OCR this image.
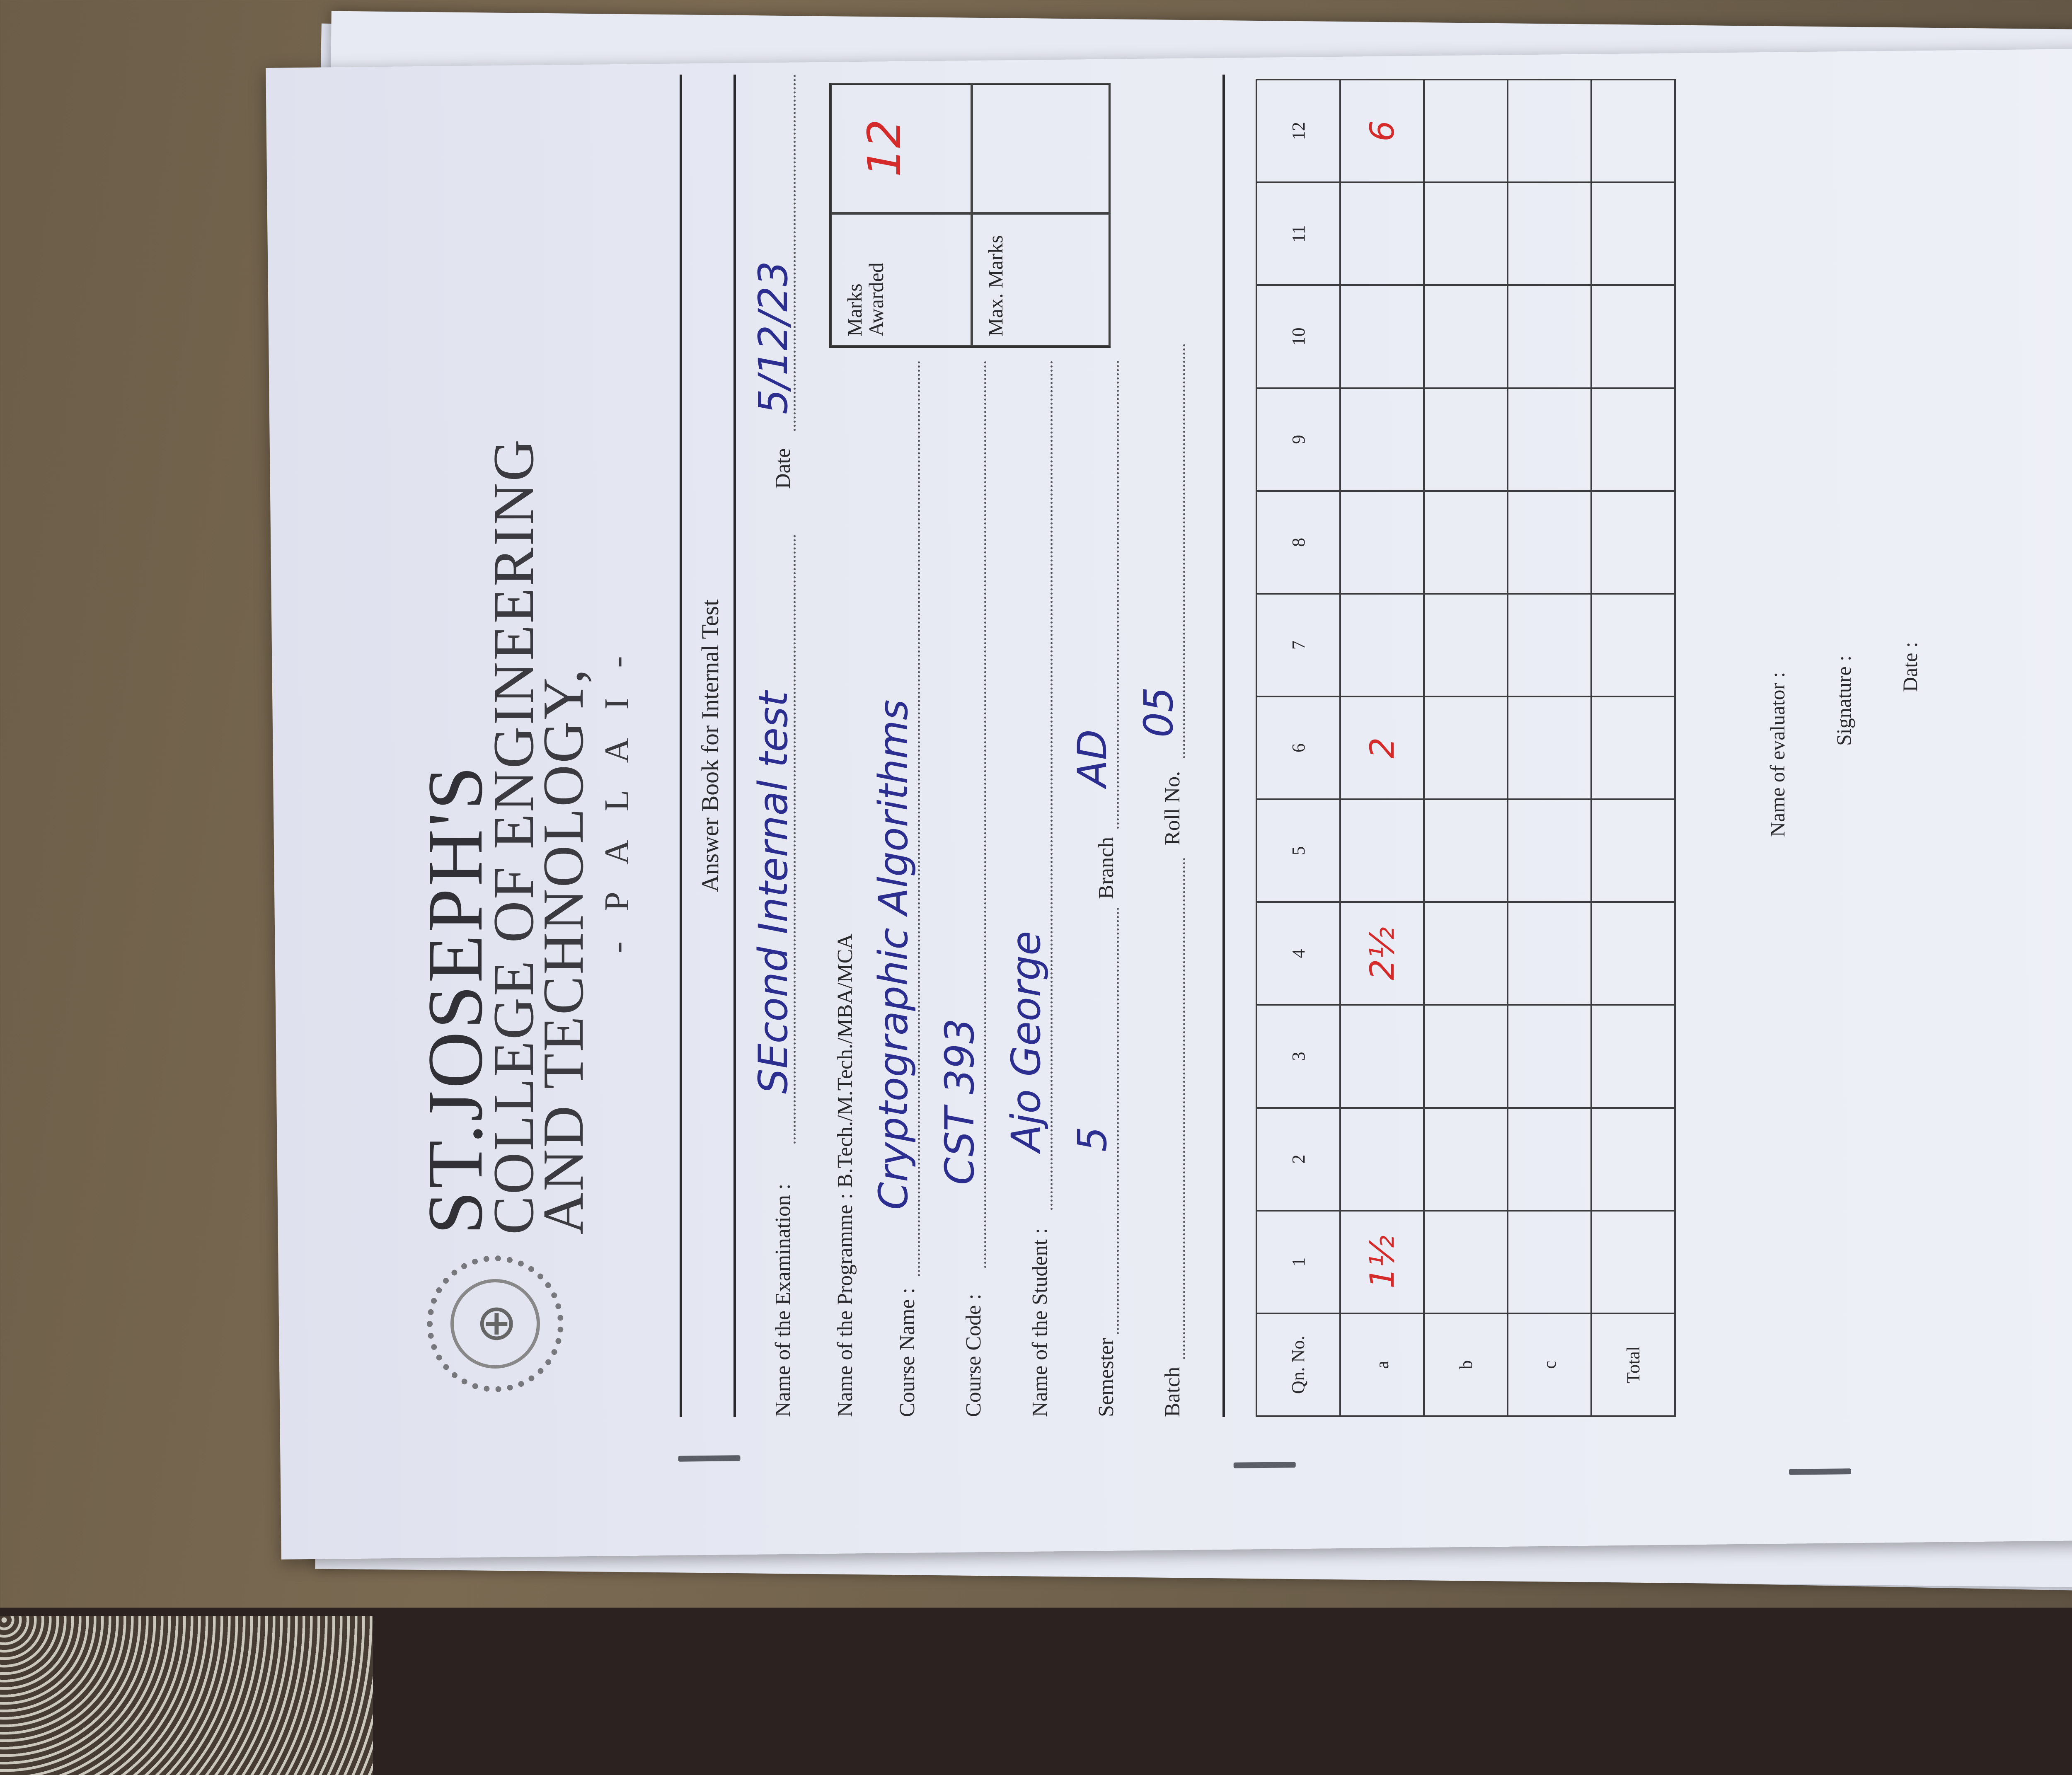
⊕
ST.JOSEPH'S
COLLEGE OF ENGINEERING
AND TECHNOLOGY, - P A L A I -	Answer Book for Internal Test
Name of the Examination :
SEcond Internal test
Date
5/12/23
Name of the Programme : B.Tech./M.Tech./MBA/MCA Course Name :
Cryptographic Algorithms
Course Code :
CST 393
Name of the Student :
Ajo George
Semester
5
Branch
AD
Batch
Roll No.
05
Marks Awarded
12
Max. Marks
Qn. No.	1	2	3	4	5	6	7	8	9	10	11	12
a	1½			2½		2						6
b												
c												
Total												
Name of evaluator : Signature : Date :
